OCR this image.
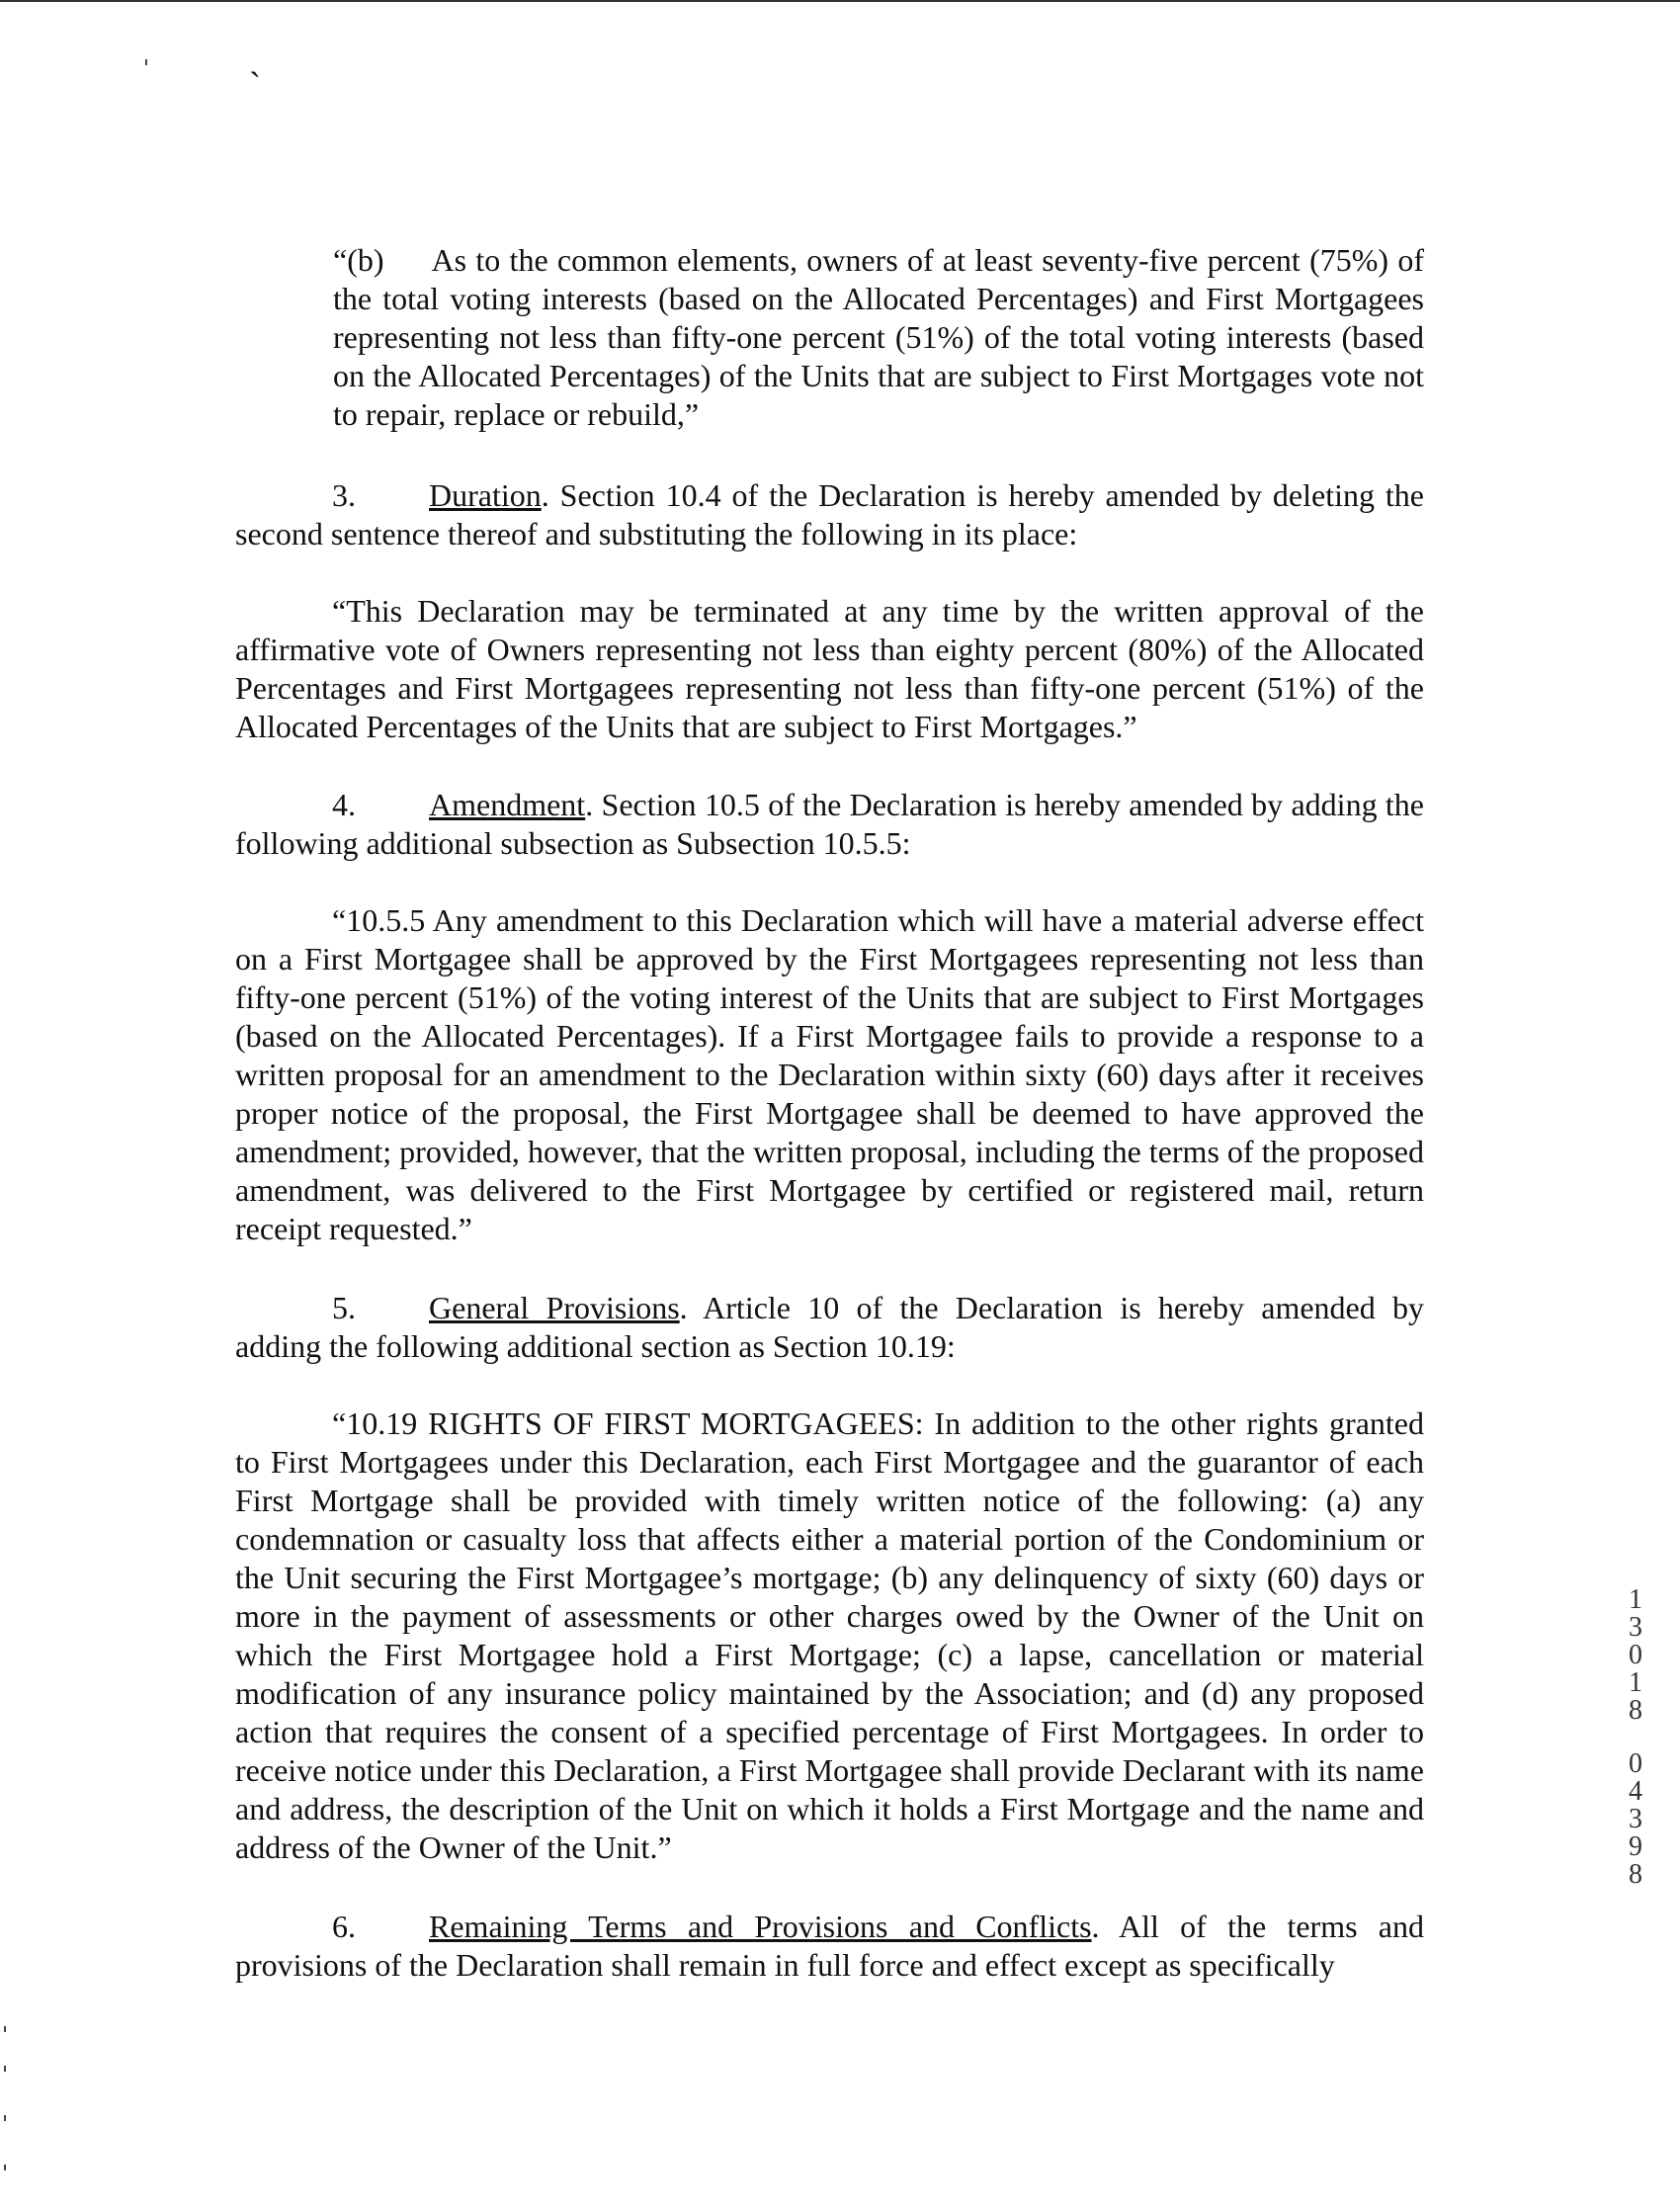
ˎ

“(b)  As to the common elements, owners of at least seventy-five percent (75%) of the total voting interests (based on the Allocated Percentages) and First Mortgagees representing not less than fifty-one percent (51%) of the total voting interests (based on the Allocated Percentages) of the Units that are subject to First Mortgages vote not to repair, replace or rebuild,”

3. Duration. Section 10.4 of the Declaration is hereby amended by deleting the second sentence thereof and substituting the following in its place:

“This Declaration may be terminated at any time by the written approval of the affirmative vote of Owners representing not less than eighty percent (80%) of the Allocated Percentages and First Mortgagees representing not less than fifty-one percent (51%) of the Allocated Percentages of the Units that are subject to First Mortgages.”

4. Amendment. Section 10.5 of the Declaration is hereby amended by adding the following additional subsection as Subsection 10.5.5:

“10.5.5 Any amendment to this Declaration which will have a material adverse effect on a First Mortgagee shall be approved by the First Mortgagees representing not less than fifty-one percent (51%) of the voting interest of the Units that are subject to First Mortgages (based on the Allocated Percentages). If a First Mortgagee fails to provide a response to a written proposal for an amendment to the Declaration within sixty (60) days after it receives proper notice of the proposal, the First Mortgagee shall be deemed to have approved the amendment; provided, however, that the written proposal, including the terms of the proposed amendment, was delivered to the First Mortgagee by certified or registered mail, return receipt requested.”

5. General Provisions. Article 10 of the Declaration is hereby amended by adding the following additional section as Section 10.19:

“10.19 RIGHTS OF FIRST MORTGAGEES: In addition to the other rights granted to First Mortgagees under this Declaration, each First Mortgagee and the guarantor of each First Mortgage shall be provided with timely written notice of the following: (a) any condemnation or casualty loss that affects either a material portion of the Condominium or the Unit securing the First Mortgagee’s mortgage; (b) any delinquency of sixty (60) days or more in the payment of assessments or other charges owed by the Owner of the Unit on which the First Mortgagee hold a First Mortgage; (c) a lapse, cancellation or material modification of any insurance policy maintained by the Association; and (d) any proposed action that requires the consent of a specified percentage of First Mortgagees. In order to receive notice under this Declaration, a First Mortgagee shall provide Declarant with its name and address, the description of the Unit on which it holds a First Mortgage and the name and address of the Owner of the Unit.”

6. Remaining Terms and Provisions and Conflicts. All of the terms and provisions of the Declaration shall remain in full force and effect except as specifically

1
3
0
1
8
0
4
3
9
8
